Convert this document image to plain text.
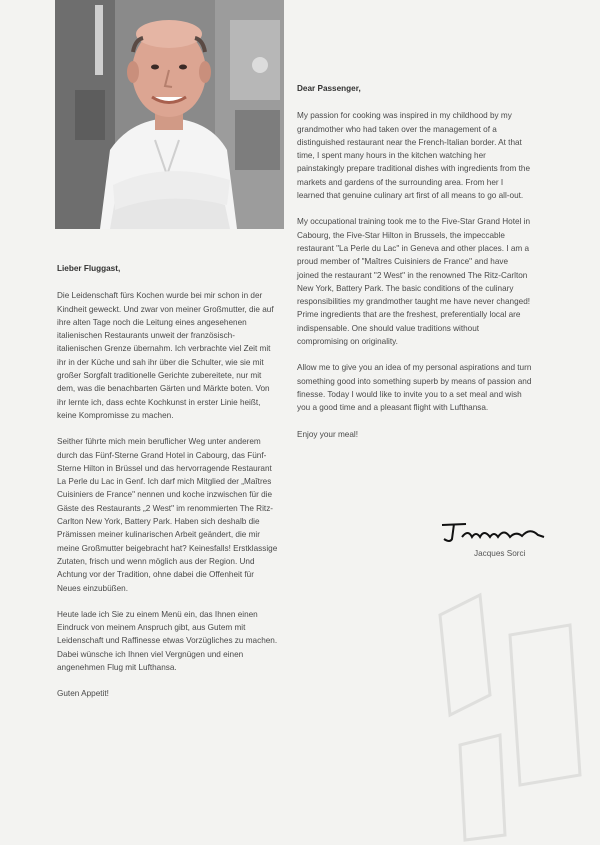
Lieber Fluggast,

Die Leidenschaft fürs Kochen wurde bei mir schon in der Kindheit geweckt. Und zwar von meiner Großmutter, die auf ihre alten Tage noch die Leitung eines angesehenen italienischen Restaurants unweit der französisch-italienischen Grenze übernahm. Ich verbrachte viel Zeit mit ihr in der Küche und sah ihr über die Schulter, wie sie mit großer Sorgfalt traditionelle Gerichte zubereitete, nur mit dem, was die benachbarten Gärten und Märkte boten. Von ihr lernte ich, dass echte Kochkunst in erster Linie heißt, keine Kompromisse zu machen.

Seither führte mich mein beruflicher Weg unter anderem durch das Fünf-Sterne Grand Hotel in Cabourg, das Fünf-Sterne Hilton in Brüssel und das hervorragende Restaurant La Perle du Lac in Genf. Ich darf mich Mitglied der „Maîtres Cuisiniers de France" nennen und koche inzwischen für die Gäste des Restaurants „2 West" im renommierten The Ritz-Carlton New York, Battery Park. Haben sich deshalb die Prämissen meiner kulinarischen Arbeit geändert, die mir meine Großmutter beigebracht hat? Keinesfalls! Erstklassige Zutaten, frisch und wenn möglich aus der Region. Und Achtung vor der Tradition, ohne dabei die Offenheit für Neues einzubüßen.

Heute lade ich Sie zu einem Menü ein, das Ihnen einen Eindruck von meinem Anspruch gibt, aus Gutem mit Leidenschaft und Raffinesse etwas Vorzügliches zu machen. Dabei wünsche ich Ihnen viel Vergnügen und einen angenehmen Flug mit Lufthansa.

Guten Appetit!

Dear Passenger,

My passion for cooking was inspired in my childhood by my grandmother who had taken over the management of a distinguished restaurant near the French-Italian border. At that time, I spent many hours in the kitchen watching her painstakingly prepare traditional dishes with ingredients from the markets and gardens of the surrounding area. From her I learned that genuine culinary art first of all means to go all-out.

My occupational training took me to the Five-Star Grand Hotel in Cabourg, the Five-Star Hilton in Brussels, the impeccable restaurant "La Perle du Lac" in Geneva and other places. I am a proud member of "Maîtres Cuisiniers de France" and have joined the restaurant "2 West" in the renowned The Ritz-Carlton New York, Battery Park. The basic conditions of the culinary responsibilities my grandmother taught me have never changed! Prime ingredients that are the freshest, preferentially local are indispensable. One should value traditions without compromising on originality.

Allow me to give you an idea of my personal aspirations and turn something good into something superb by means of passion and finesse. Today I would like to invite you to a set meal and wish you a good time and a pleasant flight with Lufthansa.

Enjoy your meal!

Jacques Sorci
